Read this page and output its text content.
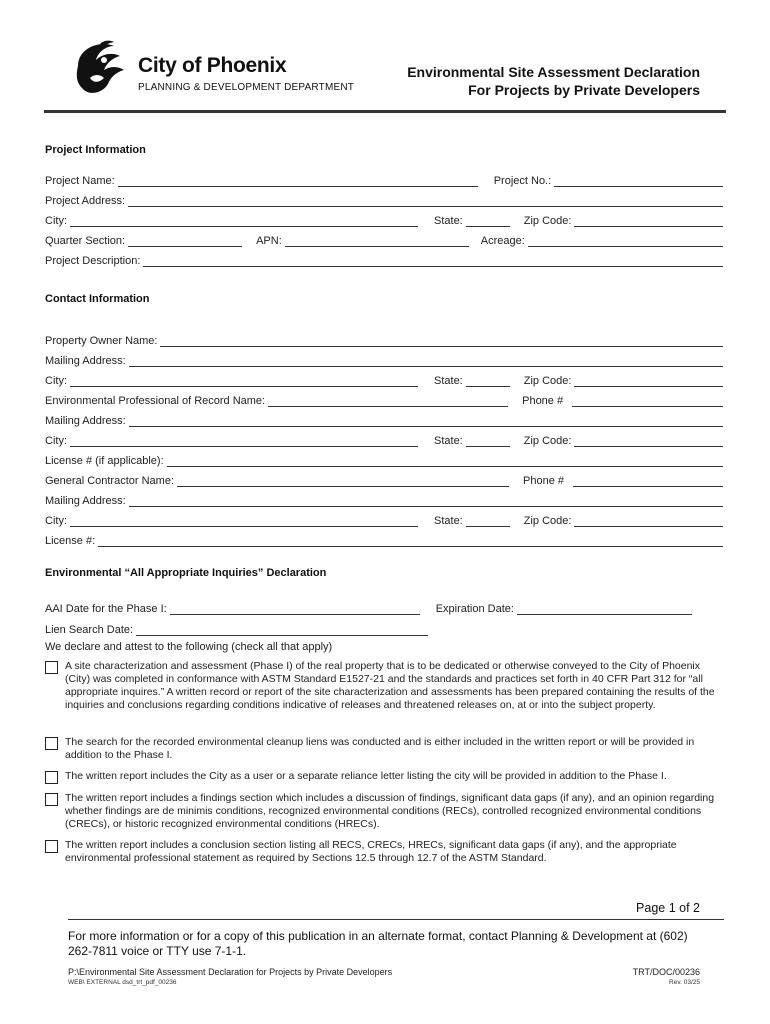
City of Phoenix
PLANNING & DEVELOPMENT DEPARTMENT
Environmental Site Assessment Declaration
For Projects by Private Developers
Project Information
Project Name:	Project No.:
Project Address:
City:	State:	Zip Code:
Quarter Section:	APN:	Acreage:
Project Description:
Contact Information
Property Owner Name:
Mailing Address:
City:	State:	Zip Code:
Environmental Professional of Record Name:	Phone #
Mailing Address:
City:	State:	Zip Code:
License # (if applicable):
General Contractor Name:	Phone #
Mailing Address:
City:	State:	Zip Code:
License #:
Environmental “All Appropriate Inquiries” Declaration
AAI Date for the Phase I:	Expiration Date:
Lien Search Date:
We declare and attest to the following (check all that apply)
A site characterization and assessment (Phase I) of the real property that is to be dedicated or otherwise conveyed to the City of Phoenix (City) was completed in conformance with ASTM Standard E1527-21 and the standards and practices set forth in 40 CFR Part 312 for “all appropriate inquires.” A written record or report of the site characterization and assessments has been prepared containing the results of the inquiries and conclusions regarding conditions indicative of releases and threatened releases on, at or into the subject property.
The search for the recorded environmental cleanup liens was conducted and is either included in the written report or will be provided in addition to the Phase I.
The written report includes the City as a user or a separate reliance letter listing the city will be provided in addition to the Phase I.
The written report includes a findings section which includes a discussion of findings, significant data gaps (if any), and an opinion regarding whether findings are de minimis conditions, recognized environmental conditions (RECs), controlled recognized environmental conditions (CRECs), or historic recognized environmental conditions (HRECs).
The written report includes a conclusion section listing all RECS, CRECs, HRECs, significant data gaps (if any), and the appropriate environmental professional statement as required by Sections 12.5 through 12.7 of the ASTM Standard.
Page 1 of 2
For more information or for a copy of this publication in an alternate format, contact Planning & Development at (602) 262-7811 voice or TTY use 7-1-1.
P:\Environmental Site Assessment Declaration for Projects by Private Developers
WEB\ EXTERNAL dsd_trt_pdf_00236
TRT/DOC/00236
Rev. 03/25
